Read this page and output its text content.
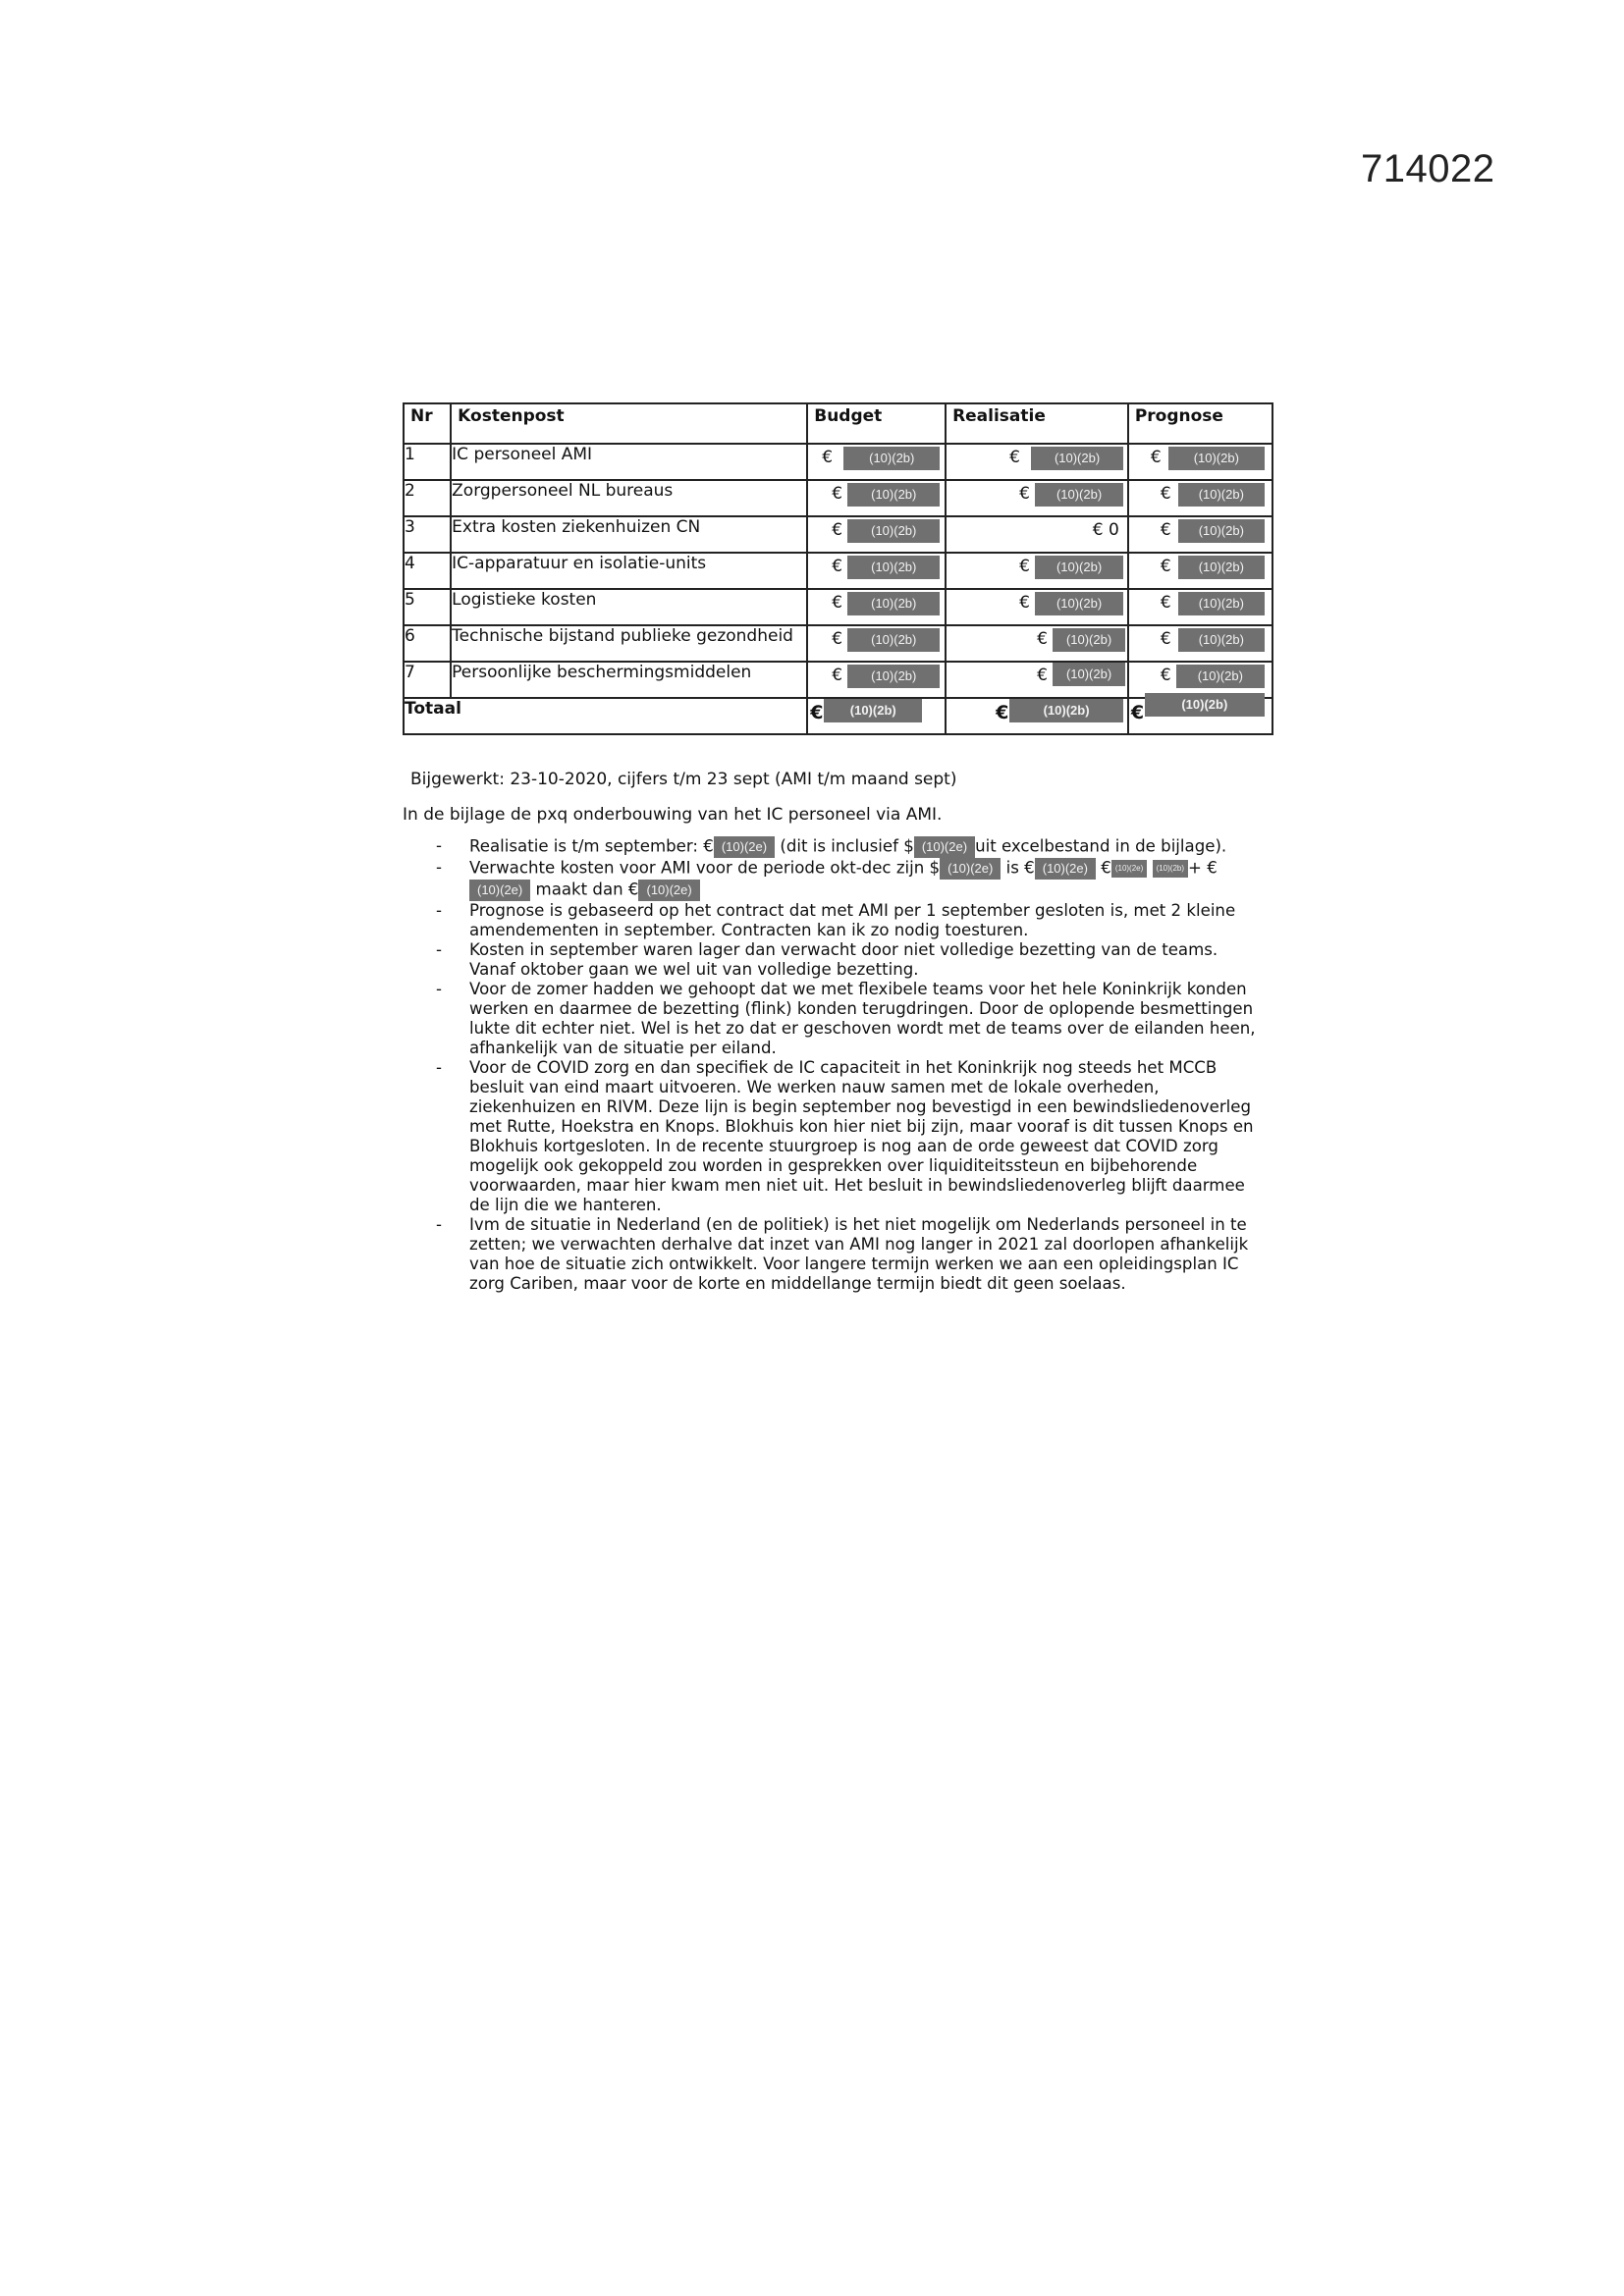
714022
Nr	Kostenpost	Budget	Realisatie	Prognose
1	IC personeel AMI	€ (10)(2b)	€ (10)(2b)	€ (10)(2b)

2	Zorgpersoneel NL bureaus	€ (10)(2b)	€ (10)(2b)	€ (10)(2b)

3	Extra kosten ziekenhuizen CN	€ (10)(2b)	€ 0	€ (10)(2b)

4	IC-apparatuur en isolatie-units	€ (10)(2b)	€ (10)(2b)	€ (10)(2b)

5	Logistieke kosten	€ (10)(2b)	€ (10)(2b)	€ (10)(2b)

6	Technische bijstand publieke gezondheid	€ (10)(2b)	€ (10)(2b)	€ (10)(2b)

7	Persoonlijke beschermingsmiddelen	€ (10)(2b)	€ (10)(2b)	€ (10)(2b)

Totaal		€ (10)(2b)	€ (10)(2b)	€ (10)(2b)
Bijgewerkt: 23-10-2020, cijfers t/m 23 sept (AMI t/m maand sept)
In de bijlage de pxq onderbouwing van het IC personeel via AMI.
- Realisatie is t/m september: € (10)(2e) (dit is inclusief $ (10)(2e) uit excelbestand in de bijlage).
- Verwachte kosten voor AMI voor de periode okt-dec zijn $ (10)(2e) is € (10)(2e) € (10)(2e) (10)(2b) + €(10)(2e) maakt dan € (10)(2e)
- Prognose is gebaseerd op het contract dat met AMI per 1 september gesloten is, met 2 kleine amendementen in september. Contracten kan ik zo nodig toesturen.
- Kosten in september waren lager dan verwacht door niet volledige bezetting van de teams. Vanaf oktober gaan we wel uit van volledige bezetting.
- Voor de zomer hadden we gehoopt dat we met flexibele teams voor het hele Koninkrijk konden werken en daarmee de bezetting (flink) konden terugdringen. Door de oplopende besmettingen lukte dit echter niet. Wel is het zo dat er geschoven wordt met de teams over de eilanden heen, afhankelijk van de situatie per eiland.
- Voor de COVID zorg en dan specifiek de IC capaciteit in het Koninkrijk nog steeds het MCCB besluit van eind maart uitvoeren. We werken nauw samen met de lokale overheden, ziekenhuizen en RIVM. Deze lijn is begin september nog bevestigd in een bewindsliedenoverleg met Rutte, Hoekstra en Knops. Blokhuis kon hier niet bij zijn, maar vooraf is dit tussen Knops en Blokhuis kortgesloten. In de recente stuurgroep is nog aan de orde geweest dat COVID zorg mogelijk ook gekoppeld zou worden in gesprekken over liquiditeitssteun en bijbehorende voorwaarden, maar hier kwam men niet uit. Het besluit in bewindsliedenoverleg blijft daarmee de lijn die we hanteren.
- Ivm de situatie in Nederland (en de politiek) is het niet mogelijk om Nederlands personeel in te zetten; we verwachten derhalve dat inzet van AMI nog langer in 2021 zal doorlopen afhankelijk van hoe de situatie zich ontwikkelt. Voor langere termijn werken we aan een opleidingsplan IC zorg Cariben, maar voor de korte en middellange termijn biedt dit geen soelaas.
